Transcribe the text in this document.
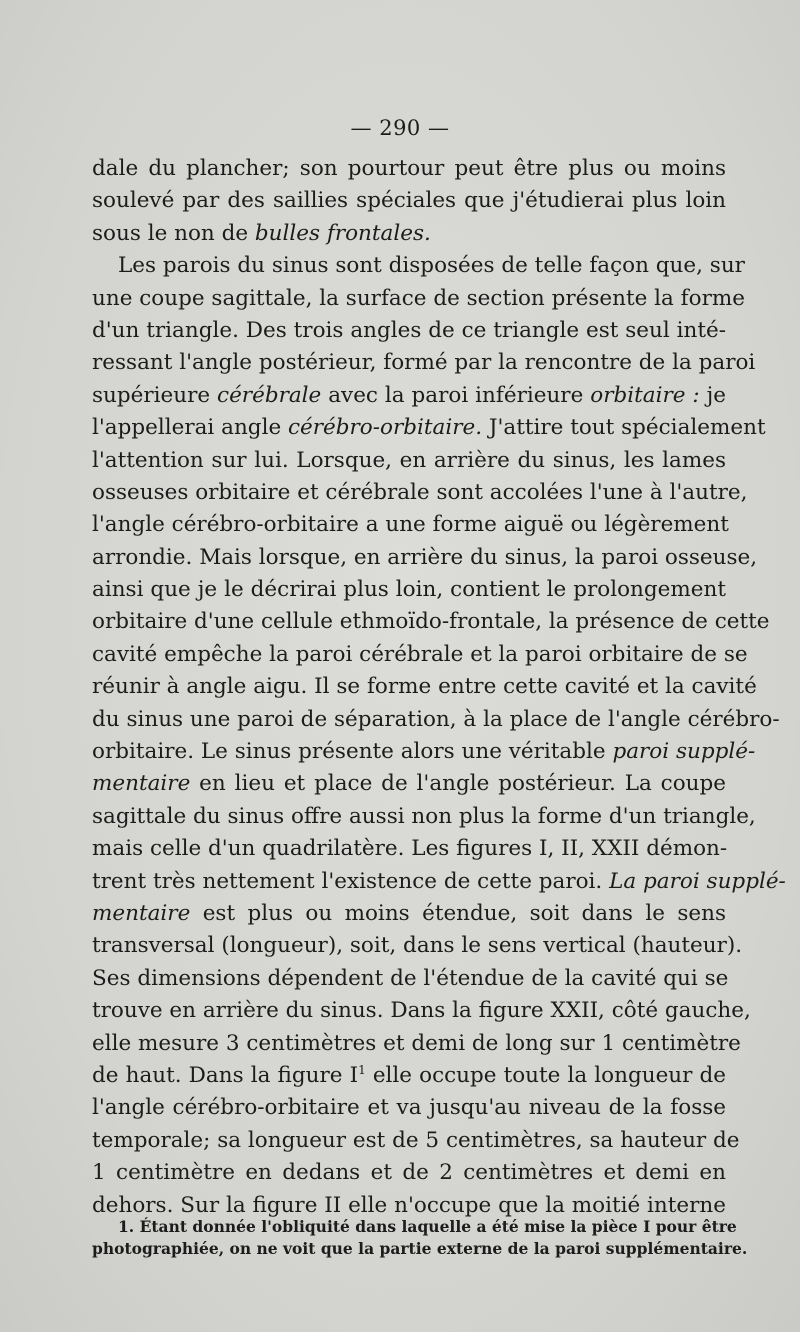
— 290 —
dale du plancher; son pourtour peut être plus ou moins
soulevé par des saillies spéciales que j'étudierai plus loin
sous le non de bulles frontales.
Les parois du sinus sont disposées de telle façon que, sur
une coupe sagittale, la surface de section présente la forme
d'un triangle. Des trois angles de ce triangle est seul inté-
ressant l'angle postérieur, formé par la rencontre de la paroi
supérieure cérébrale avec la paroi inférieure orbitaire : je
l'appellerai angle cérébro-orbitaire. J'attire tout spécialement
l'attention sur lui. Lorsque, en arrière du sinus, les lames
osseuses orbitaire et cérébrale sont accolées l'une à l'autre,
l'angle cérébro-orbitaire a une forme aiguë ou légèrement
arrondie. Mais lorsque, en arrière du sinus, la paroi osseuse,
ainsi que je le décrirai plus loin, contient le prolongement
orbitaire d'une cellule ethmoïdo-frontale, la présence de cette
cavité empêche la paroi cérébrale et la paroi orbitaire de se
réunir à angle aigu. Il se forme entre cette cavité et la cavité
du sinus une paroi de séparation, à la place de l'angle cérébro-
orbitaire. Le sinus présente alors une véritable paroi supplé-
mentaire en lieu et place de l'angle postérieur. La coupe
sagittale du sinus offre aussi non plus la forme d'un triangle,
mais celle d'un quadrilatère. Les figures I, II, XXII démon-
trent très nettement l'existence de cette paroi. La paroi supplé-
mentaire est plus ou moins étendue, soit dans le sens
transversal (longueur), soit, dans le sens vertical (hauteur).
Ses dimensions dépendent de l'étendue de la cavité qui se
trouve en arrière du sinus. Dans la figure XXII, côté gauche,
elle mesure 3 centimètres et demi de long sur 1 centimètre
de haut. Dans la figure $I^1$ elle occupe toute la longueur de
l'angle cérébro-orbitaire et va jusqu'au niveau de la fosse
temporale; sa longueur est de 5 centimètres, sa hauteur de
1 centimètre en dedans et de 2 centimètres et demi en
dehors. Sur la figure II elle n'occupe que la moitié interne
1. Étant donnée l'obliquité dans laquelle a été mise la pièce I pour être
photographiée, on ne voit que la partie externe de la paroi supplémentaire.
